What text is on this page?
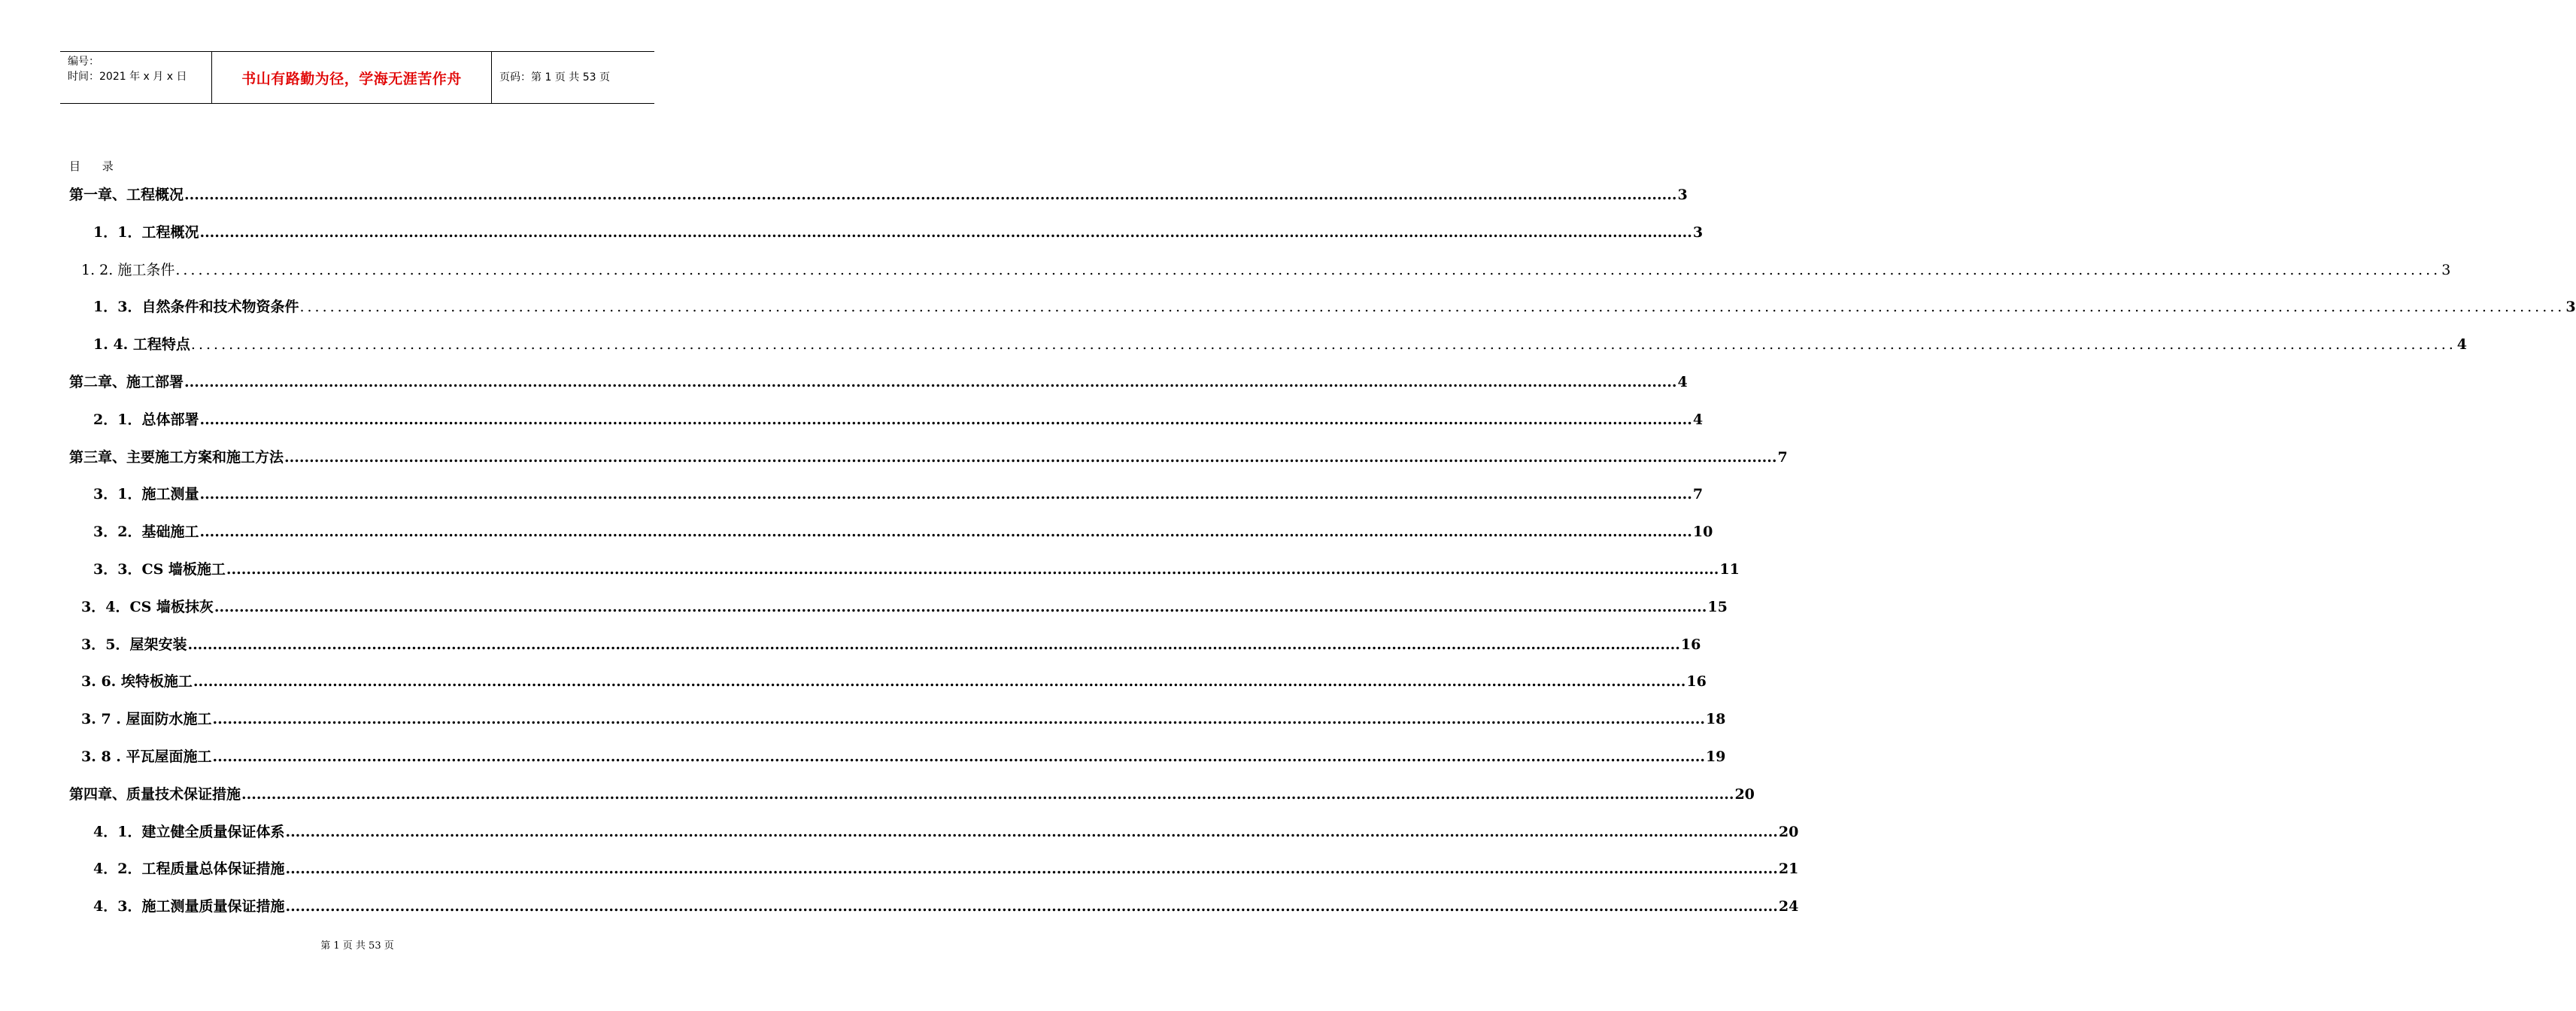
编号：
时间：2021 年 x 月 x 日	书山有路勤为径，学海无涯苦作舟	页码：第 1 页 共 53 页
目 录
第一章、工程概况 ............................................................................................................................................................................................................................................................................................................ 3
1．1．工程概况 ............................................................................................................................................................................................................................................................................................................ 3
1. 2. 施工条件 ............................................................................................................................................................................................................................................................................................................ 3
1．3．自然条件和技术物资条件 ............................................................................................................................................................................................................................................................................................................ 3
1. 4. 工程特点 ............................................................................................................................................................................................................................................................................................................ 4
第二章、施工部署 ............................................................................................................................................................................................................................................................................................................ 4
2．1．总体部署 ............................................................................................................................................................................................................................................................................................................ 4
第三章、主要施工方案和施工方法 ............................................................................................................................................................................................................................................................................................................ 7
3．1．施工测量 ............................................................................................................................................................................................................................................................................................................ 7
3．2．基础施工 ............................................................................................................................................................................................................................................................................................................ 10
3．3．CS 墙板施工 ............................................................................................................................................................................................................................................................................................................ 11
3．4．CS 墙板抹灰 ............................................................................................................................................................................................................................................................................................................ 15
3．5．屋架安装 ............................................................................................................................................................................................................................................................................................................ 16
3. 6. 埃特板施工 ............................................................................................................................................................................................................................................................................................................ 16
3. 7 . 屋面防水施工 ............................................................................................................................................................................................................................................................................................................ 18
3. 8 . 平瓦屋面施工 ............................................................................................................................................................................................................................................................................................................ 19
第四章、质量技术保证措施 ............................................................................................................................................................................................................................................................................................................ 20
4．1．建立健全质量保证体系 ............................................................................................................................................................................................................................................................................................................ 20
4．2．工程质量总体保证措施 ............................................................................................................................................................................................................................................................................................................ 21
4．3．施工测量质量保证措施 ............................................................................................................................................................................................................................................................................................................ 24
第 1 页 共 53 页
